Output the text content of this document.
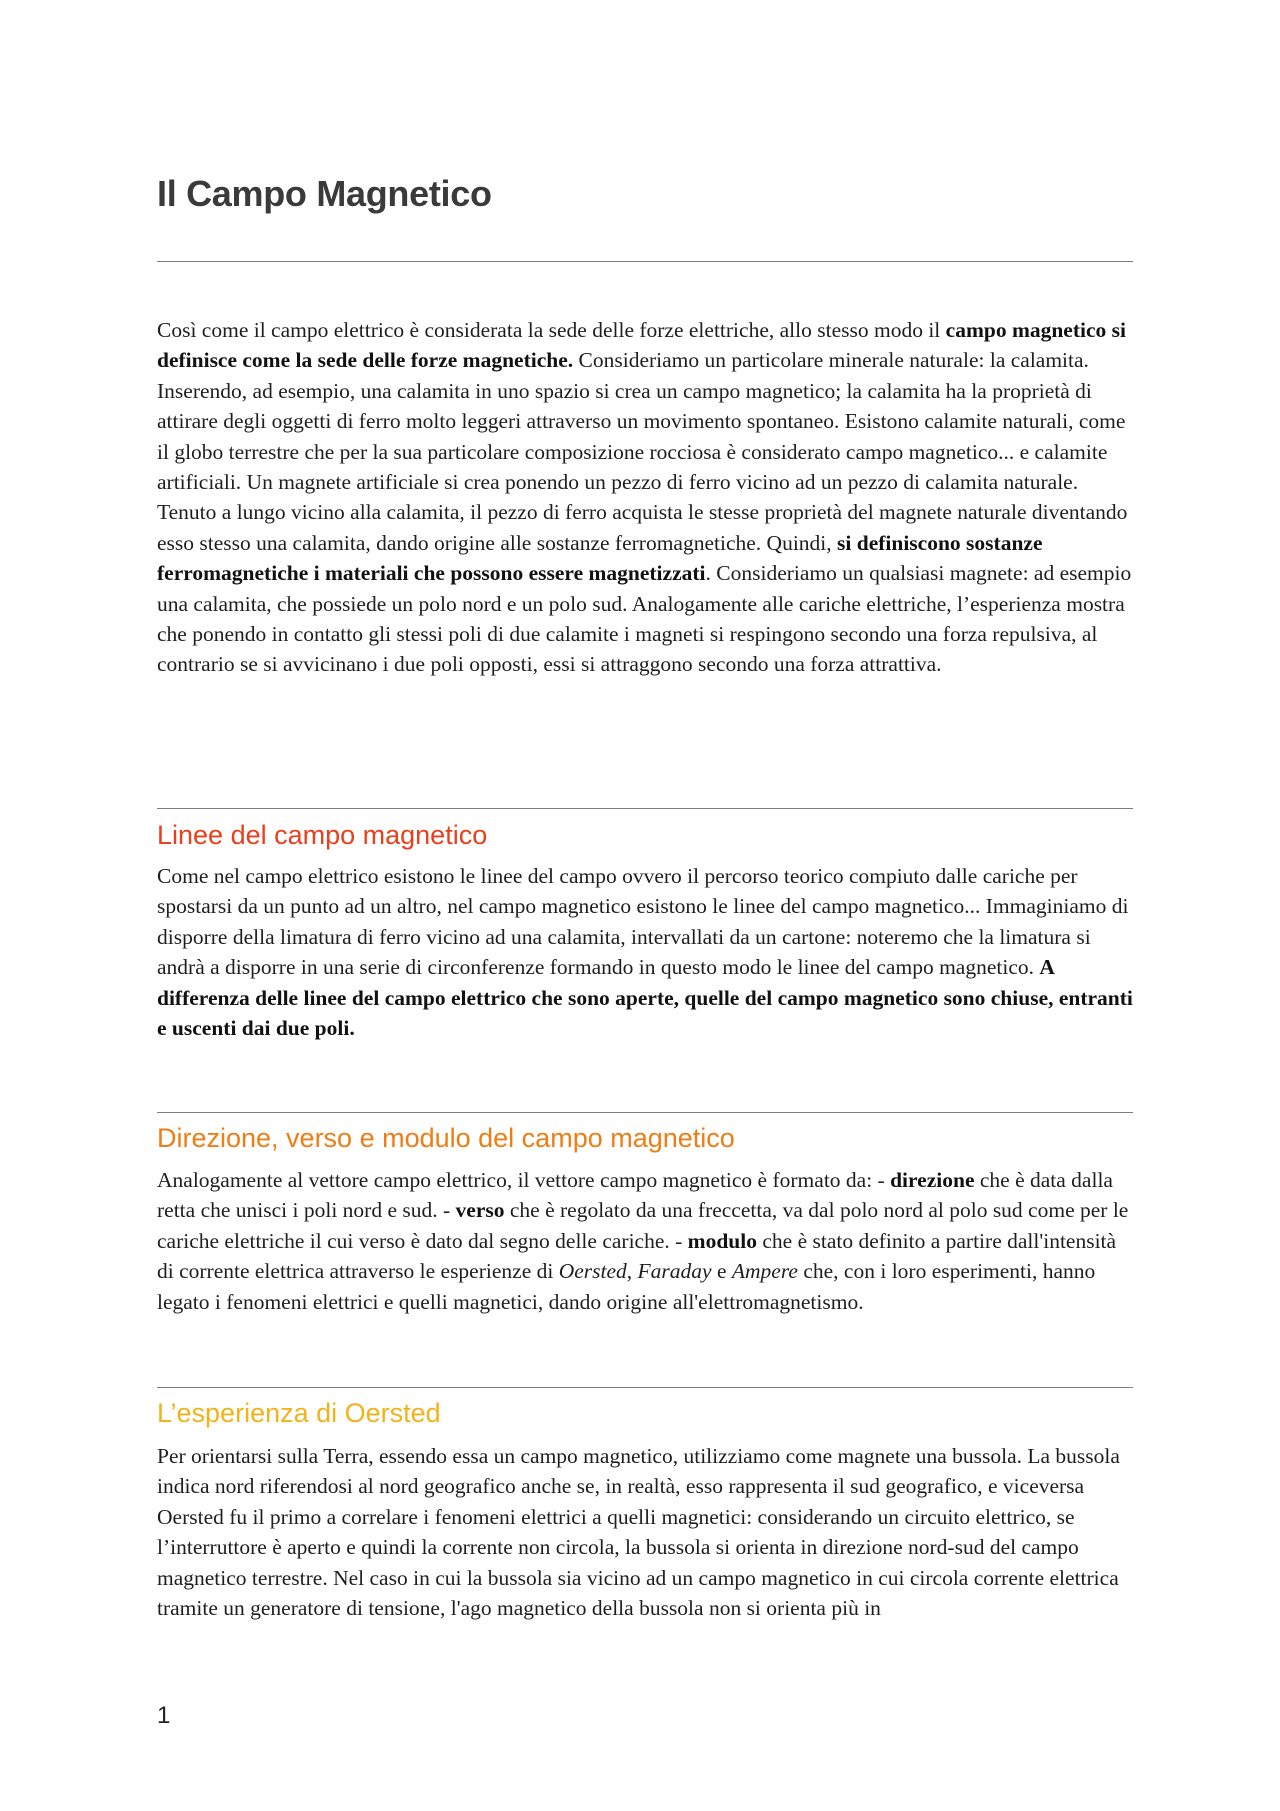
Il Campo Magnetico

Così come il campo elettrico è considerata la sede delle forze elettriche, allo stesso modo il campo magnetico si definisce come la sede delle forze magnetiche. Consideriamo un particolare minerale naturale: la calamita. Inserendo, ad esempio, una calamita in uno spazio si crea un campo magnetico; la calamita ha la proprietà di attirare degli oggetti di ferro molto leggeri attraverso un movimento spontaneo. Esistono calamite naturali, come il globo terrestre che per la sua particolare composizione rocciosa è considerato campo magnetico... e calamite artificiali. Un magnete artificiale si crea ponendo un pezzo di ferro vicino ad un pezzo di calamita naturale. Tenuto a lungo vicino alla calamita, il pezzo di ferro acquista le stesse proprietà del magnete naturale diventando esso stesso una calamita, dando origine alle sostanze ferromagnetiche. Quindi, si definiscono sostanze ferromagnetiche i materiali che possono essere magnetizzati. Consideriamo un qualsiasi magnete: ad esempio una calamita, che possiede un polo nord e un polo sud. Analogamente alle cariche elettriche, l’esperienza mostra che ponendo in contatto gli stessi poli di due calamite i magneti si respingono secondo una forza repulsiva, al contrario se si avvicinano i due poli opposti, essi si attraggono secondo una forza attrattiva.

Linee del campo magnetico

Come nel campo elettrico esistono le linee del campo ovvero il percorso teorico compiuto dalle cariche per spostarsi da un punto ad un altro, nel campo magnetico esistono le linee del campo magnetico... Immaginiamo di disporre della limatura di ferro vicino ad una calamita, intervallati da un cartone: noteremo che la limatura si andrà a disporre in una serie di circonferenze formando in questo modo le linee del campo magnetico. A differenza delle linee del campo elettrico che sono aperte, quelle del campo magnetico sono chiuse, entranti e uscenti dai due poli.

Direzione, verso e modulo del campo magnetico

Analogamente al vettore campo elettrico, il vettore campo magnetico è formato da: - direzione che è data dalla retta che unisci i poli nord e sud. - verso che è regolato da una freccetta, va dal polo nord al polo sud come per le cariche elettriche il cui verso è dato dal segno delle cariche. - modulo che è stato definito a partire dall'intensità di corrente elettrica attraverso le esperienze di Oersted, Faraday e Ampere che, con i loro esperimenti, hanno legato i fenomeni elettrici e quelli magnetici, dando origine all'elettromagnetismo.

L’esperienza di Oersted

Per orientarsi sulla Terra, essendo essa un campo magnetico, utilizziamo come magnete una bussola. La bussola indica nord riferendosi al nord geografico anche se, in realtà, esso rappresenta il sud geografico, e viceversa Oersted fu il primo a correlare i fenomeni elettrici a quelli magnetici: considerando un circuito elettrico, se l’interruttore è aperto e quindi la corrente non circola, la bussola si orienta in direzione nord-sud del campo magnetico terrestre. Nel caso in cui la bussola sia vicino ad un campo magnetico in cui circola corrente elettrica tramite un generatore di tensione, l'ago magnetico della bussola non si orienta più in

1
